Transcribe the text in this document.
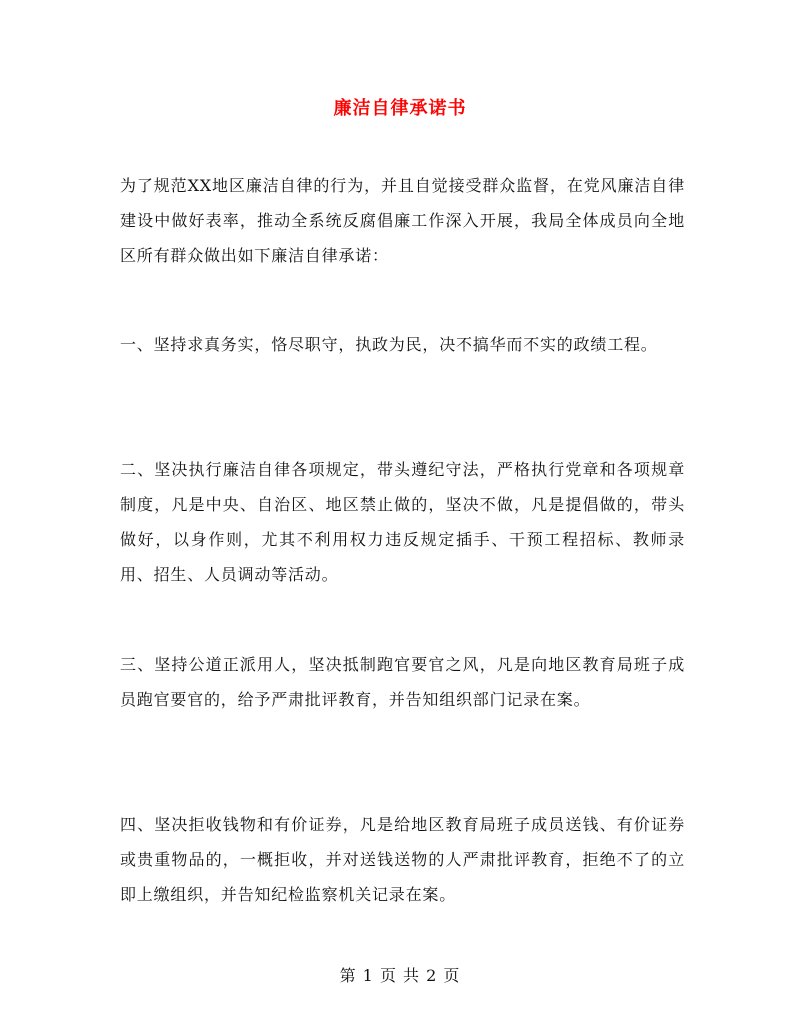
廉洁自律承诺书
为了规范XX地区廉洁自律的行为，并且自觉接受群众监督，在党风廉洁自律建设中做好表率，推动全系统反腐倡廉工作深入开展，我局全体成员向全地区所有群众做出如下廉洁自律承诺：
一、坚持求真务实，恪尽职守，执政为民，决不搞华而不实的政绩工程。
二、坚决执行廉洁自律各项规定，带头遵纪守法，严格执行党章和各项规章制度，凡是中央、自治区、地区禁止做的，坚决不做，凡是提倡做的，带头做好，以身作则，尤其不利用权力违反规定插手、干预工程招标、教师录用、招生、人员调动等活动。
三、坚持公道正派用人，坚决抵制跑官要官之风，凡是向地区教育局班子成员跑官要官的，给予严肃批评教育，并告知组织部门记录在案。
四、坚决拒收钱物和有价证券，凡是给地区教育局班子成员送钱、有价证券或贵重物品的，一概拒收，并对送钱送物的人严肃批评教育，拒绝不了的立即上缴组织，并告知纪检监察机关记录在案。
第 1 页 共 2 页
